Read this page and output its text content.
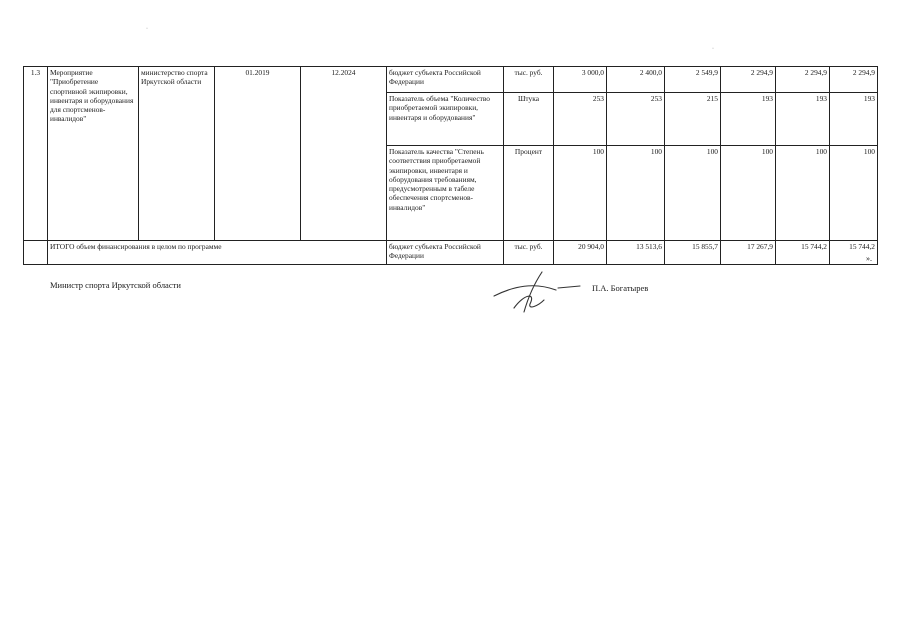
1.3	Мероприятие "Приобретение спортивной экипировки, инвентаря и оборудования для спортсменов-инвалидов"	министерство спорта Иркутской области	01.2019	12.2024	бюджет субъекта Российской Федерации	тыс. руб.	3 000,0	2 400,0	2 549,9	2 294,9	2 294,9	2 294,9
					Показатель объема "Количество приобретаемой экипировки, инвентаря и оборудования"	Штука	253	253	215	193	193	193
					Показатель качества "Степень соответствия приобретаемой экипировки, инвентаря и оборудования требованиям, предусмотренным в табеле обеспечения спортсменов-инвалидов"	Процент	100	100	100	100	100	100
	ИТОГО объем финансирования в целом по программе				бюджет субъекта Российской Федерации	тыс. руб.	20 904,0	13 513,6	15 855,7	17 267,9	15 744,2	15 744,2
».
Министр спорта Иркутской области	П.А. Богатырев
·
·
